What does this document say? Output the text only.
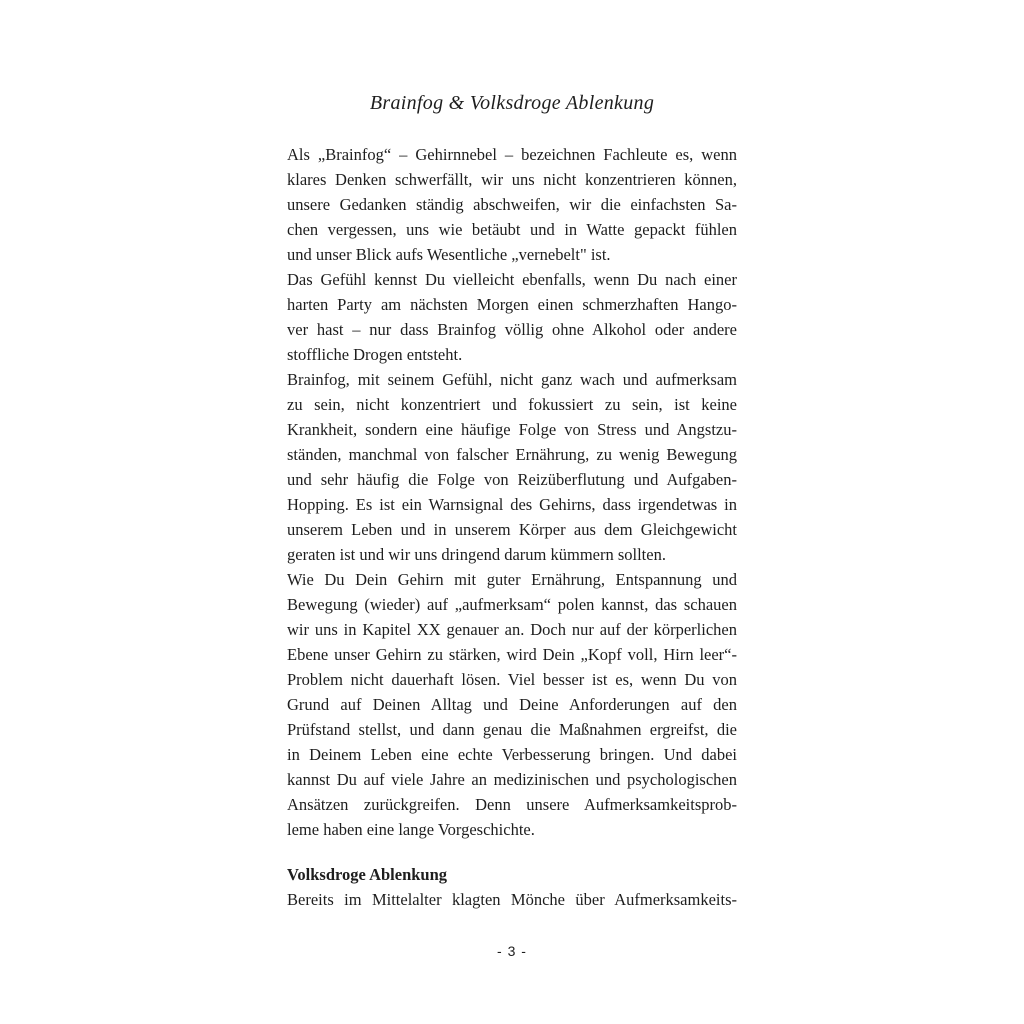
Brainfog & Volksdroge Ablenkung
Als „Brainfog“ – Gehirnnebel – bezeichnen Fachleute es, wenn
klares Denken schwerfällt, wir uns nicht konzentrieren können,
unsere Gedanken ständig abschweifen, wir die einfachsten Sa-
chen vergessen, uns wie betäubt und in Watte gepackt fühlen
und unser Blick aufs Wesentliche „vernebelt" ist.
Das Gefühl kennst Du vielleicht ebenfalls, wenn Du nach einer
harten Party am nächsten Morgen einen schmerzhaften Hango-
ver hast – nur dass Brainfog völlig ohne Alkohol oder andere
stoffliche Drogen entsteht.
Brainfog, mit seinem Gefühl, nicht ganz wach und aufmerksam
zu sein, nicht konzentriert und fokussiert zu sein, ist keine
Krankheit, sondern eine häufige Folge von Stress und Angstzu-
ständen, manchmal von falscher Ernährung, zu wenig Bewegung
und sehr häufig die Folge von Reizüberflutung und Aufgaben-
Hopping. Es ist ein Warnsignal des Gehirns, dass irgendetwas in
unserem Leben und in unserem Körper aus dem Gleichgewicht
geraten ist und wir uns dringend darum kümmern sollten.
Wie Du Dein Gehirn mit guter Ernährung, Entspannung und
Bewegung (wieder) auf „aufmerksam“ polen kannst, das schauen
wir uns in Kapitel XX genauer an. Doch nur auf der körperlichen
Ebene unser Gehirn zu stärken, wird Dein „Kopf voll, Hirn leer“-
Problem nicht dauerhaft lösen. Viel besser ist es, wenn Du von
Grund auf Deinen Alltag und Deine Anforderungen auf den
Prüfstand stellst, und dann genau die Maßnahmen ergreifst, die
in Deinem Leben eine echte Verbesserung bringen. Und dabei
kannst Du auf viele Jahre an medizinischen und psychologischen
Ansätzen zurückgreifen. Denn unsere Aufmerksamkeitsprob-
leme haben eine lange Vorgeschichte.
Volksdroge Ablenkung
Bereits im Mittelalter klagten Mönche über Aufmerksamkeits-
- 3 -
